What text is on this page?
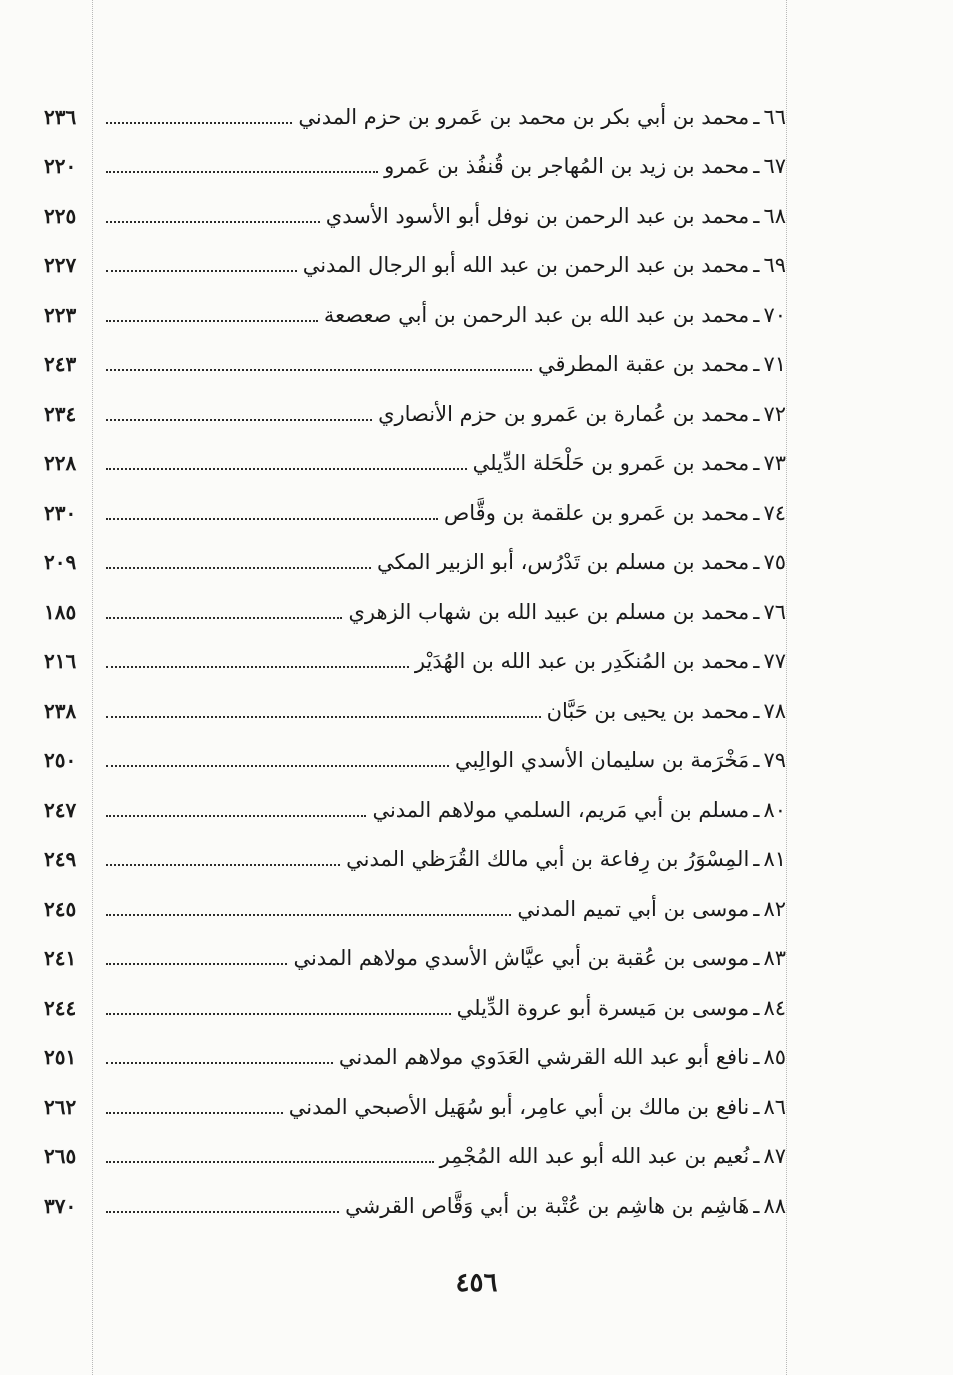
٦٦
ـ
محمد بن أبي بكر بن محمد بن عَمرو بن حزم المدني
٢٣٦
٦٧
ـ
محمد بن زيد بن المُهاجر بن قُنفُذ بن عَمرو
٢٢٠
٦٨
ـ
محمد بن عبد الرحمن بن نوفل أبو الأسود الأسدي
٢٢٥
٦٩
ـ
محمد بن عبد الرحمن بن عبد الله أبو الرجال المدني
٢٢٧
٧٠
ـ
محمد بن عبد الله بن عبد الرحمن بن أبي صعصعة
٢٢٣
٧١
ـ
محمد بن عقبة المطرقي
٢٤٣
٧٢
ـ
محمد بن عُمارة بن عَمرو بن حزم الأنصاري
٢٣٤
٧٣
ـ
محمد بن عَمرو بن حَلْحَلة الدِّيلي
٢٢٨
٧٤
ـ
محمد بن عَمرو بن علقمة بن وقَّاص
٢٣٠
٧٥
ـ
محمد بن مسلم بن تَدْرُس، أبو الزبير المكي
٢٠٩
٧٦
ـ
محمد بن مسلم بن عبيد الله بن شهاب الزهري
١٨٥
٧٧
ـ
محمد بن المُنكَدِر بن عبد الله بن الهُدَيْر
٢١٦
٧٨
ـ
محمد بن يحيى بن حَبَّان
٢٣٨
٧٩
ـ
مَخْرَمة بن سليمان الأسدي الوالِبي
٢٥٠
٨٠
ـ
مسلم بن أبي مَريم، السلمي مولاهم المدني
٢٤٧
٨١
ـ
المِسْوَرُ بن رِفاعة بن أبي مالك القُرَظي المدني
٢٤٩
٨٢
ـ
موسى بن أبي تميم المدني
٢٤٥
٨٣
ـ
موسى بن عُقبة بن أبي عيَّاش الأسدي مولاهم المدني
٢٤١
٨٤
ـ
موسى بن مَيسرة أبو عروة الدِّيلي
٢٤٤
٨٥
ـ
نافع أبو عبد الله القرشي العَدَوي مولاهم المدني
٢٥١
٨٦
ـ
نافع بن مالك بن أبي عامِر، أبو سُهَيل الأصبحي المدني
٢٦٢
٨٧
ـ
نُعيم بن عبد الله أبو عبد الله المُجْمِر
٢٦٥
٨٨
ـ
هَاشِم بن هاشِم بن عُتْبة بن أبي وَقَّاص القرشي
٣٧٠
٤٥٦
